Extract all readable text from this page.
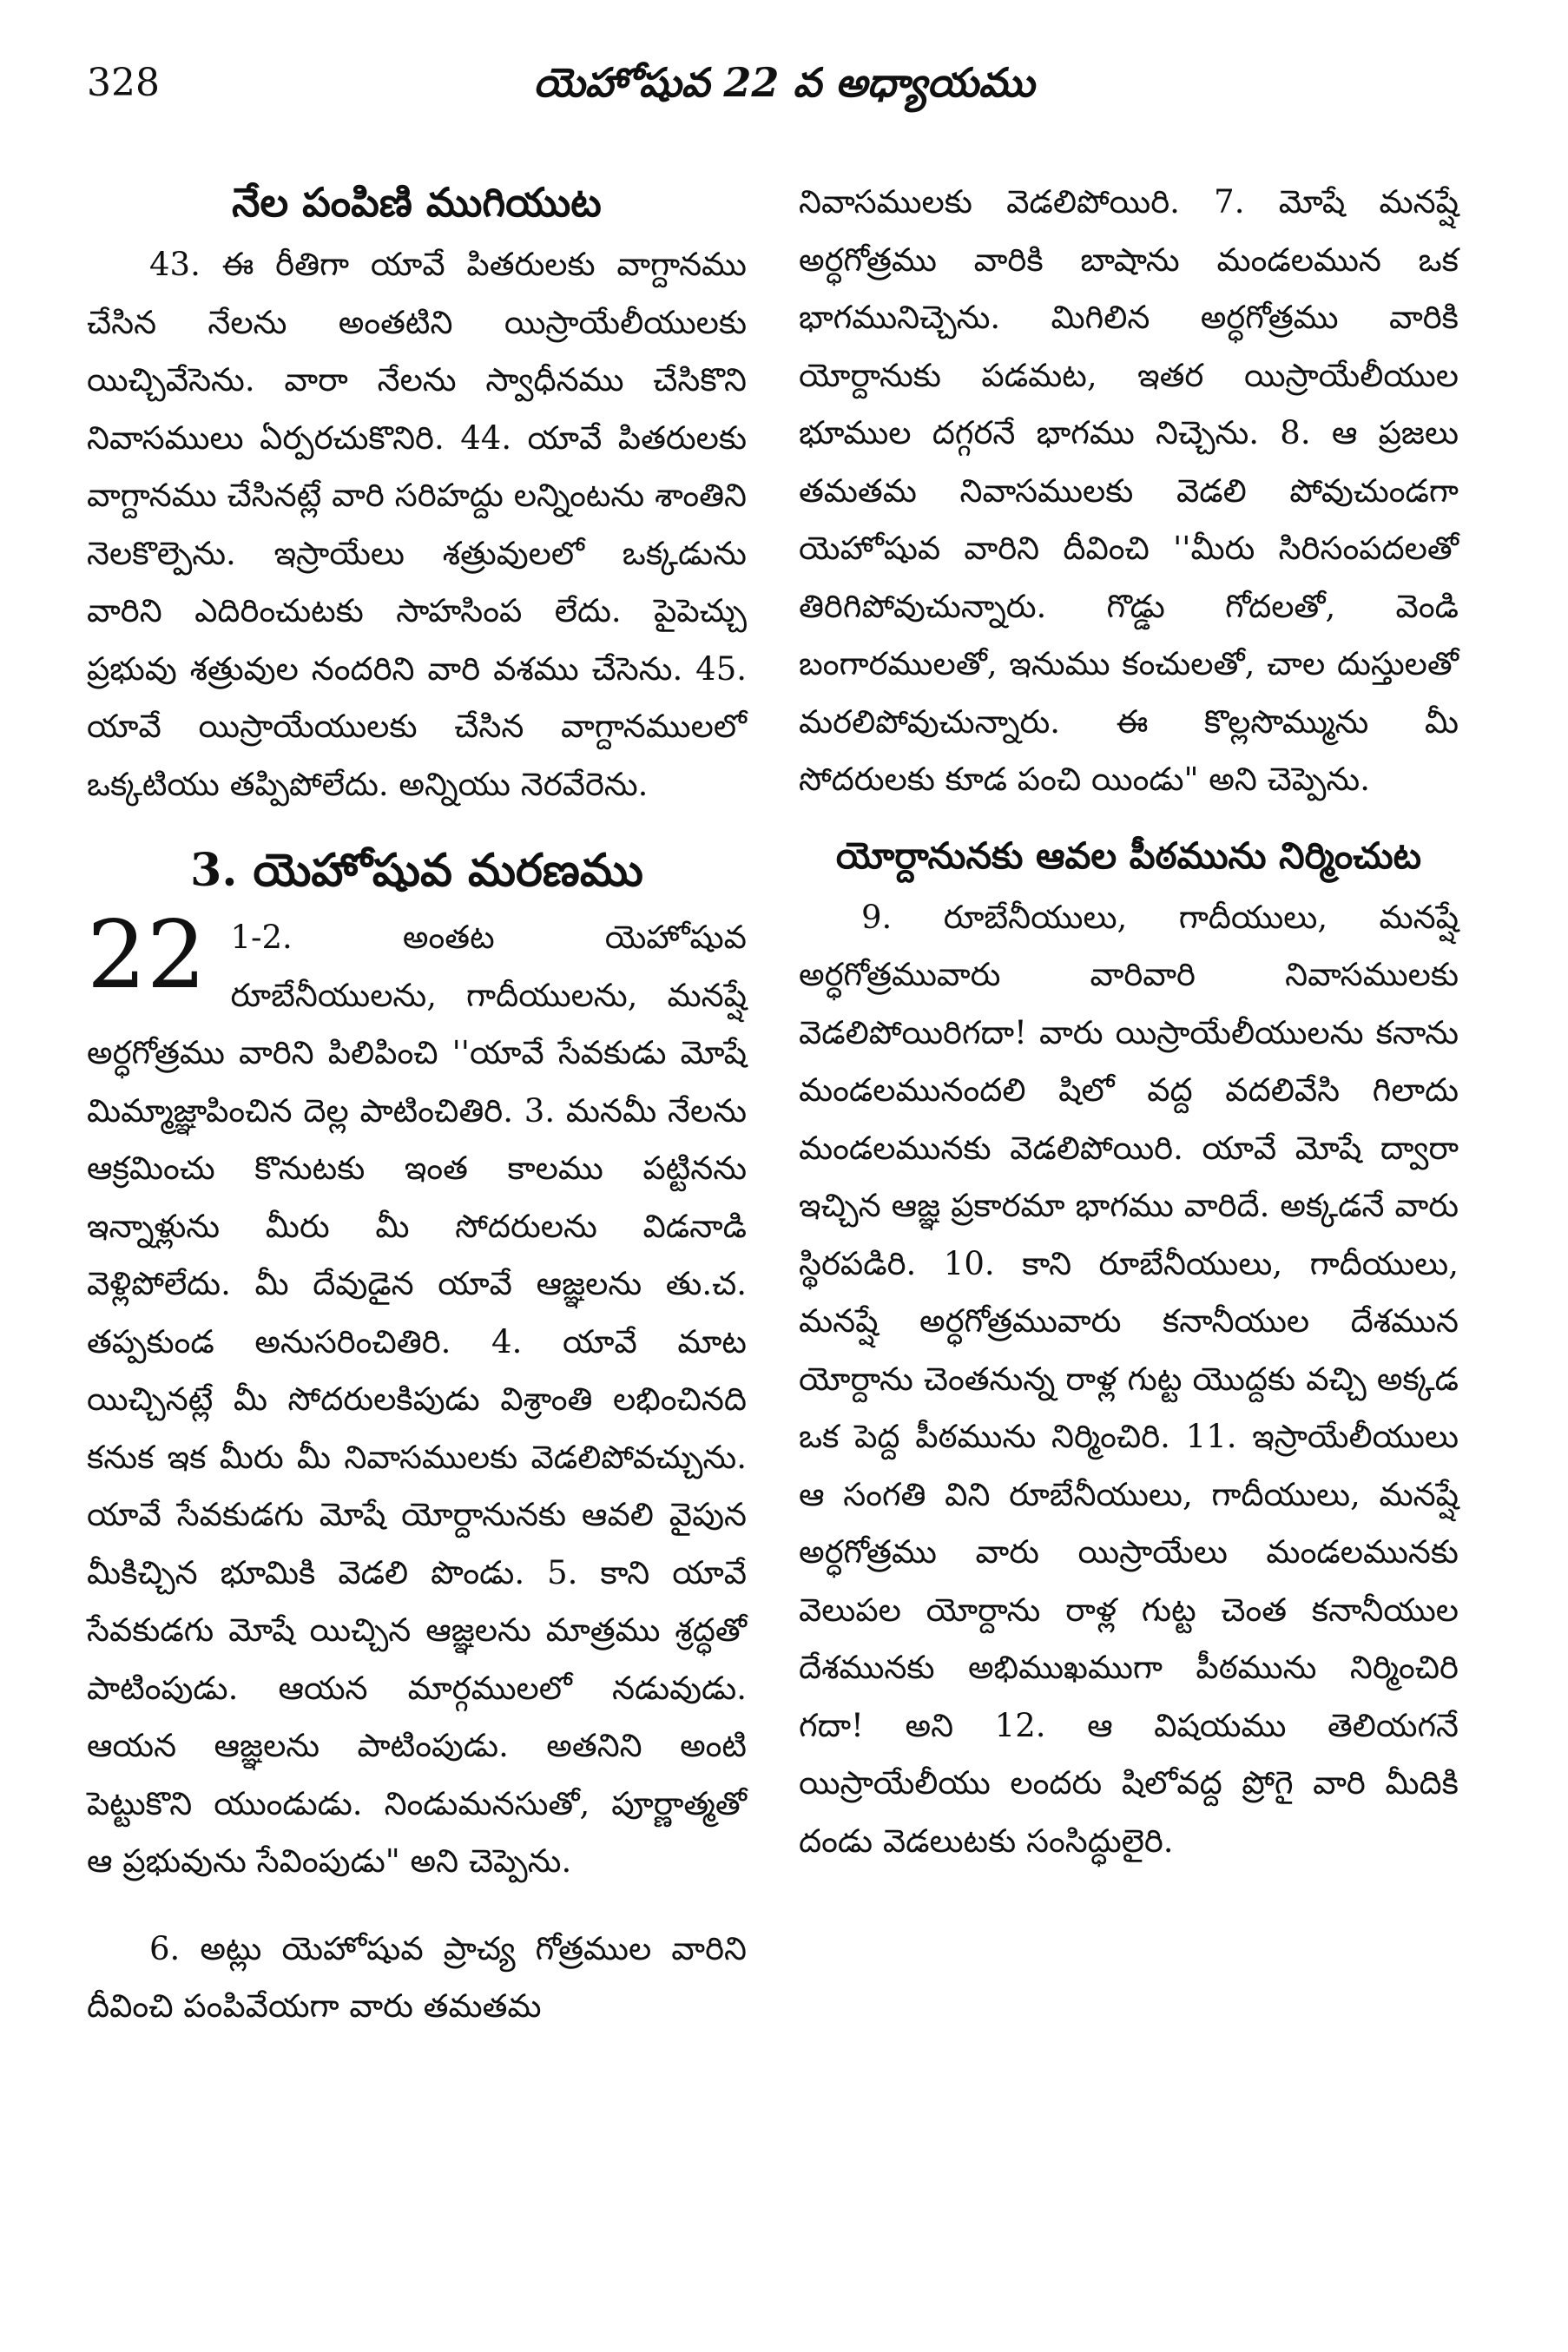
328	యెహోషువ 22 వ అధ్యాయము
నేల పంపిణి ముగియుట

43. ఈ రీతిగా యావే పితరులకు వాగ్దానము చేసిన నేలను అంతటిని యిస్రాయేలీయులకు యిచ్చివేసెను. వారా నేలను స్వాధీనము చేసికొని నివాసములు ఏర్పరచుకొనిరి. 44. యావే పితరులకు వాగ్దానము చేసినట్లే వారి సరిహద్దు లన్నింటను శాంతిని నెలకొల్పెను. ఇస్రాయేలు శత్రువులలో ఒక్కడును వారిని ఎదిరించుటకు సాహసింప లేదు. పైపెచ్చు ప్రభువు శత్రువుల నందరిని వారి వశము చేసెను. 45. యావే యిస్రాయేయులకు చేసిన వాగ్దానములలో ఒక్కటియు తప్పిపోలేదు. అన్నియు నెరవేరెను.

3. యెహోషువ మరణము
22 1-2. అంతట యెహోషువ రూబేనీయులను, గాదీయులను, మనష్షే అర్ధగోత్రము వారిని పిలిపించి ''యావే సేవకుడు మోషే మిమ్మాజ్ఞాపించిన దెల్ల పాటించితిరి. 3. మనమీ నేలను ఆక్రమించు కొనుటకు ఇంత కాలము పట్టినను ఇన్నాళ్లును మీరు మీ సోదరులను విడనాడి వెళ్లిపోలేదు. మీ దేవుడైన యావే ఆజ్ఞలను తు.చ. తప్పకుండ అనుసరించితిరి. 4. యావే మాట యిచ్చినట్లే మీ సోదరులకిపుడు విశ్రాంతి లభించినది కనుక ఇక మీరు మీ నివాసములకు వెడలిపోవచ్చును. యావే సేవకుడగు మోషే యోర్దానునకు ఆవలి వైపున మీకిచ్చిన భూమికి వెడలి పొండు. 5. కాని యావే సేవకుడగు మోషే యిచ్చిన ఆజ్ఞలను మాత్రము శ్రద్ధతో పాటింపుడు. ఆయన మార్గములలో నడువుడు. ఆయన ఆజ్ఞలను పాటింపుడు. అతనిని అంటి పెట్టుకొని యుండుడు. నిండుమనసుతో, పూర్ణాత్మతో ఆ ప్రభువును సేవింపుడు" అని చెప్పెను.

6. అట్లు యెహోషువ ప్రాచ్య గోత్రముల వారిని దీవించి పంపివేయగా వారు తమతమ

నివాసములకు వెడలిపోయిరి. 7. మోషే మనష్షే అర్ధగోత్రము వారికి బాషాను మండలమున ఒక భాగమునిచ్చెను. మిగిలిన అర్ధగోత్రము వారికి యోర్దానుకు పడమట, ఇతర యిస్రాయేలీయుల భూముల దగ్గరనే భాగము నిచ్చెను. 8. ఆ ప్రజలు తమతమ నివాసములకు వెడలి పోవుచుండగా యెహోషువ వారిని దీవించి ''మీరు సిరిసంపదలతో తిరిగిపోవుచున్నారు. గొడ్డు గోదలతో, వెండి బంగారములతో, ఇనుము కంచులతో, చాల దుస్తులతో మరలిపోవుచున్నారు. ఈ కొల్లసొమ్మును మీ సోదరులకు కూడ పంచి యిండు" అని చెప్పెను.

యోర్దానునకు ఆవల పీఠమును నిర్మించుట

9. రూబేనీయులు, గాదీయులు, మనష్షే అర్ధగోత్రమువారు వారివారి నివాసములకు వెడలిపోయిరిగదా! వారు యిస్రాయేలీయులను కనాను మండలమునందలి షిలో వద్ద వదలివేసి గిలాదు మండలమునకు వెడలిపోయిరి. యావే మోషే ద్వారా ఇచ్చిన ఆజ్ఞ ప్రకారమా భాగము వారిదే. అక్కడనే వారు స్థిరపడిరి. 10. కాని రూబేనీయులు, గాదీయులు, మనష్షే అర్ధగోత్రమువారు కనానీయుల దేశమున యోర్దాను చెంతనున్న రాళ్ల గుట్ట యొద్దకు వచ్చి అక్కడ ఒక పెద్ద పీఠమును నిర్మించిరి. 11. ఇస్రాయేలీయులు ఆ సంగతి విని రూబేనీయులు, గాదీయులు, మనష్షే అర్ధగోత్రము వారు యిస్రాయేలు మండలమునకు వెలుపల యోర్దాను రాళ్ల గుట్ట చెంత కనానీయుల దేశమునకు అభిముఖముగా పీఠమును నిర్మించిరి గదా! అని 12. ఆ విషయము తెలియగనే యిస్రాయేలీయు లందరు షిలోవద్ద ప్రోగై వారి మీదికి దండు వెడలుటకు సంసిద్ధులైరి.
